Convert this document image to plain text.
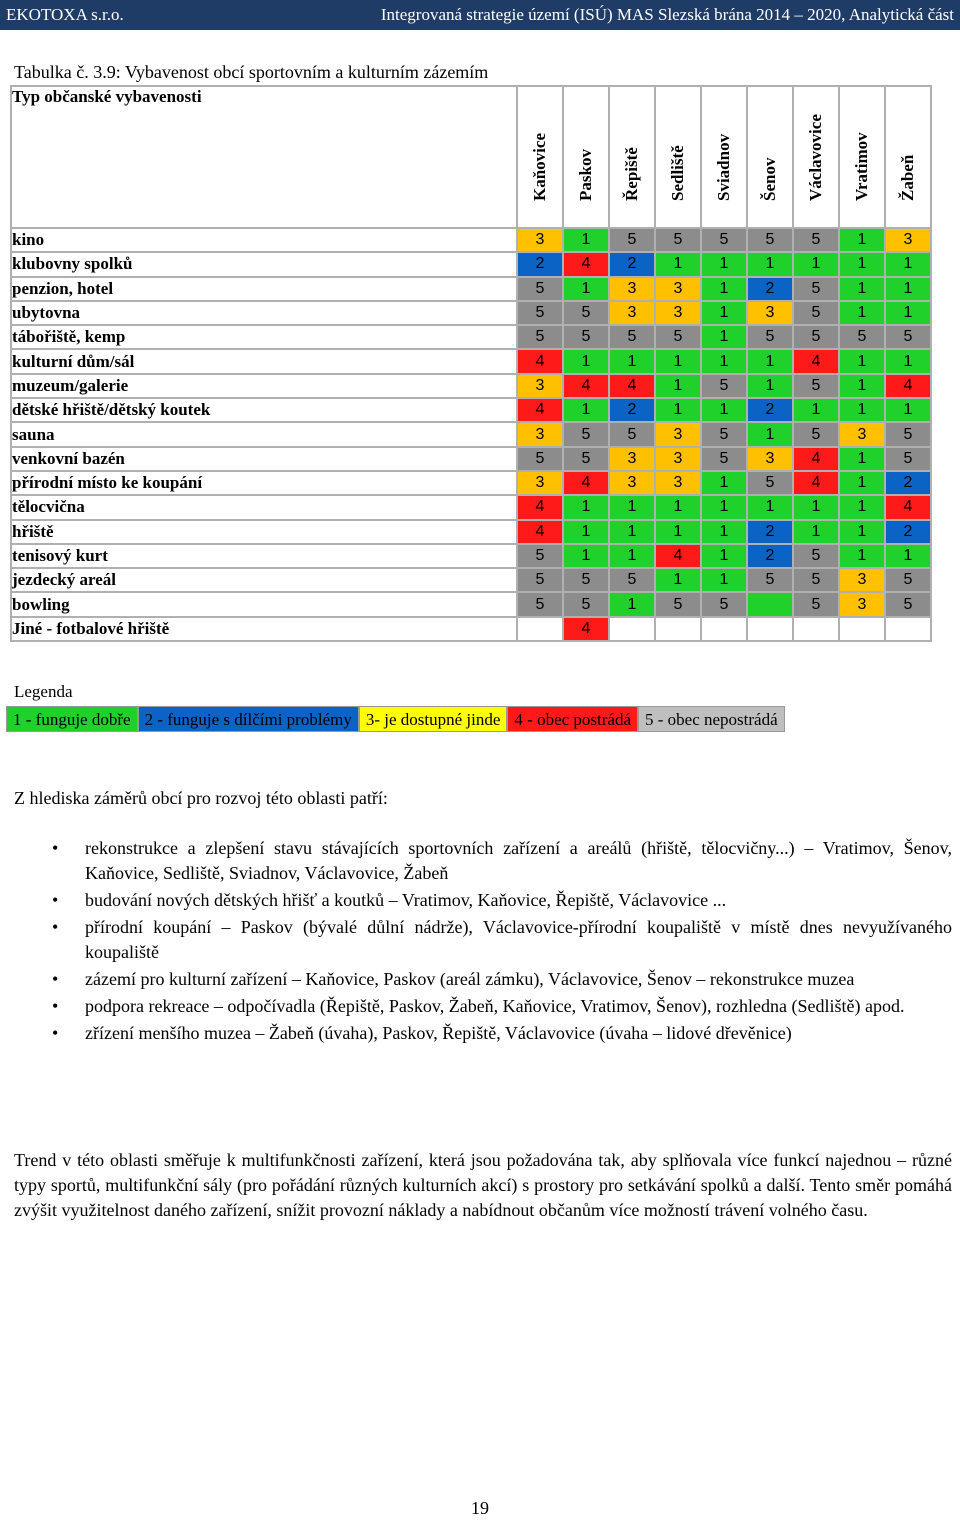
EKOTOXA s.r.o.	Integrovaná strategie území (ISÚ) MAS Slezská brána 2014 – 2020, Analytická část
Tabulka č. 3.9: Vybavenost obcí sportovním a kulturním zázemím
Typ občanské vybavenosti	Kaňovice	Paskov	Řepiště	Sedliště	Sviadnov	Šenov	Václavovice	Vratimov	Žabeň

kino	3	1	5	5	5	5	5	1	3
klubovny spolků	2	4	2	1	1	1	1	1	1
penzion, hotel	5	1	3	3	1	2	5	1	1
ubytovna	5	5	3	3	1	3	5	1	1
tábořiště, kemp	5	5	5	5	1	5	5	5	5
kulturní dům/sál	4	1	1	1	1	1	4	1	1
muzeum/galerie	3	4	4	1	5	1	5	1	4
dětské hřiště/dětský koutek	4	1	2	1	1	2	1	1	1
sauna	3	5	5	3	5	1	5	3	5
venkovní bazén	5	5	3	3	5	3	4	1	5
přírodní místo ke koupání	3	4	3	3	1	5	4	1	2
tělocvična	4	1	1	1	1	1	1	1	4
hřiště	4	1	1	1	1	2	1	1	2
tenisový kurt	5	1	1	4	1	2	5	1	1
jezdecký areál	5	5	5	1	1	5	5	3	5
bowling	5	5	1	5	5		5	3	5
Jiné - fotbalové hřiště		4							
Legenda
1 - funguje dobře 2 - funguje s dílčími problémy 3- je dostupné jinde 4 - obec postrádá 5 - obec nepostrádá
Z hlediska záměrů obcí pro rozvoj této oblasti patří:
• rekonstrukce a zlepšení stavu stávajících sportovních zařízení a areálů (hřiště, tělocvičny...) – Vratimov, Šenov, Kaňovice, Sedliště, Sviadnov, Václavovice, Žabeň
• budování nových dětských hřišť a koutků – Vratimov, Kaňovice, Řepiště, Václavovice ...
• přírodní koupání – Paskov (bývalé důlní nádrže), Václavovice-přírodní koupaliště v místě dnes nevyužívaného koupaliště
• zázemí pro kulturní zařízení – Kaňovice, Paskov (areál zámku), Václavovice, Šenov – rekonstrukce muzea
• podpora rekreace – odpočívadla (Řepiště, Paskov, Žabeň, Kaňovice, Vratimov, Šenov), rozhledna (Sedliště) apod.
• zřízení menšího muzea – Žabeň (úvaha), Paskov, Řepiště, Václavovice (úvaha – lidové dřevěnice)
Trend v této oblasti směřuje k multifunkčnosti zařízení, která jsou požadována tak, aby splňovala více funkcí najednou – různé typy sportů, multifunkční sály (pro pořádání různých kulturních akcí) s prostory pro setkávání spolků a další. Tento směr pomáhá zvýšit využitelnost daného zařízení, snížit provozní náklady a nabídnout občanům více možností trávení volného času.
19
